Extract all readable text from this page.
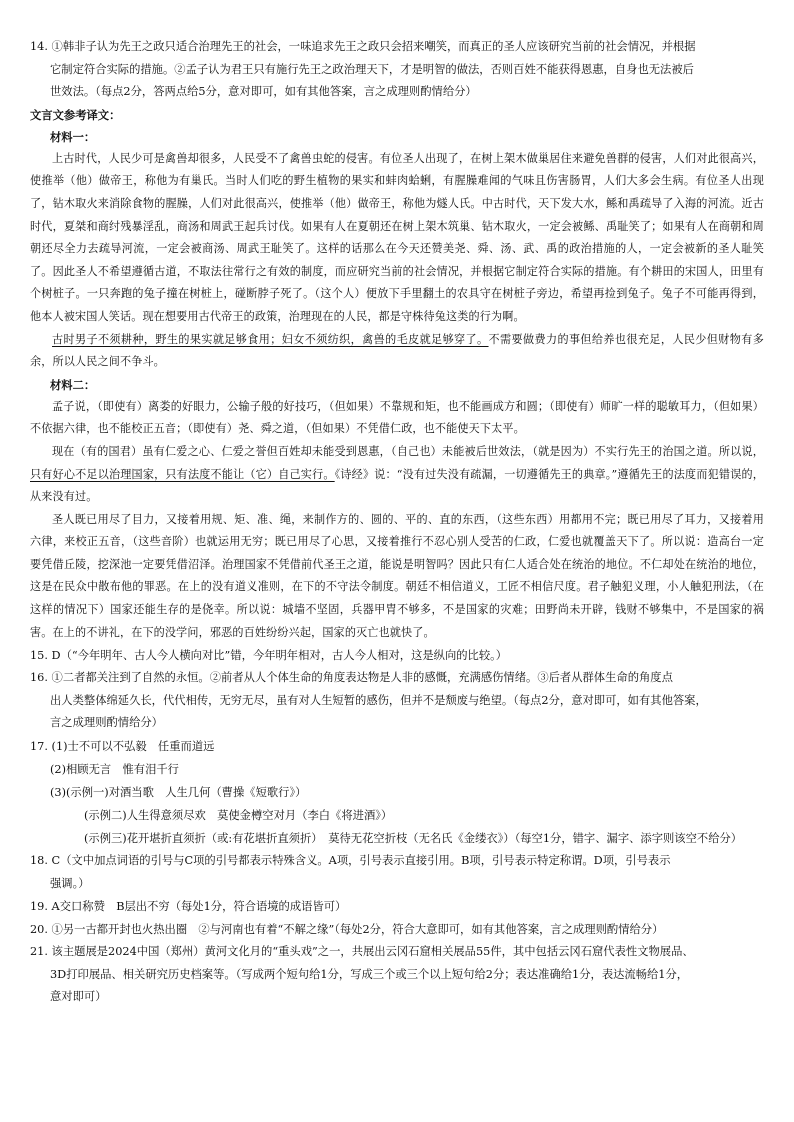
14. ①韩非子认为先王之政只适合治理先王的社会，一味追求先王之政只会招来嘲笑，而真正的圣人应该研究当前的社会情况，并根据

它制定符合实际的措施。②孟子认为君王只有施行先王之政治理天下，才是明智的做法，否则百姓不能获得恩惠，自身也无法被后

世效法。（每点2分，答两点给5分，意对即可，如有其他答案，言之成理则酌情给分）

文言文参考译文：

材料一：

上古时代，人民少可是禽兽却很多，人民受不了禽兽虫蛇的侵害。有位圣人出现了，在树上架木做巢居住来避免兽群的侵害，人们对此很高兴，使推举（他）做帝王，称他为有巢氏。当时人们吃的野生植物的果实和蚌肉蛤蜊，有腥臊难闻的气味且伤害肠胃，人们大多会生病。有位圣人出现了，钻木取火来消除食物的腥臊，人们对此很高兴，使推举（他）做帝王，称他为燧人氏。中古时代，天下发大水，鲧和禹疏导了入海的河流。近古时代，夏桀和商纣残暴淫乱，商汤和周武王起兵讨伐。如果有人在夏朝还在树上架木筑巢、钻木取火，一定会被鲧、禹耻笑了；如果有人在商朝和周朝还尽全力去疏导河流，一定会被商汤、周武王耻笑了。这样的话那么在今天还赞美尧、舜、汤、武、禹的政治措施的人，一定会被新的圣人耻笑了。因此圣人不希望遵循古道，不取法往常行之有效的制度，而应研究当前的社会情况，并根据它制定符合实际的措施。有个耕田的宋国人，田里有个树桩子。一只奔跑的兔子撞在树桩上，碰断脖子死了。（这个人）便放下手里翻土的农具守在树桩子旁边，希望再捡到兔子。兔子不可能再得到，他本人被宋国人笑话。现在想要用古代帝王的政策，治理现在的人民，都是守株待兔这类的行为啊。

古时男子不须耕种，野生的果实就足够食用；妇女不须纺织，禽兽的毛皮就足够穿了。不需要做费力的事但给养也很充足，人民少但财物有多余，所以人民之间不争斗。

材料二：

孟子说，（即使有）离娄的好眼力，公输子般的好技巧，（但如果）不靠规和矩，也不能画成方和圆；（即使有）师旷一样的聪敏耳力，（但如果）不依据六律，也不能校正五音；（即使有）尧、舜之道，（但如果）不凭借仁政，也不能使天下太平。

现在（有的国君）虽有仁爱之心、仁爱之誉但百姓却未能受到恩惠，（自己也）未能被后世效法，（就是因为）不实行先王的治国之道。所以说，只有好心不足以治理国家，只有法度不能让（它）自己实行。《诗经》说：“没有过失没有疏漏，一切遵循先王的典章。”遵循先王的法度而犯错误的，从来没有过。

圣人既已用尽了目力，又接着用规、矩、准、绳，来制作方的、圆的、平的、直的东西，（这些东西）用都用不完；既已用尽了耳力，又接着用六律，来校正五音，（这些音阶）也就运用无穷；既已用尽了心思，又接着推行不忍心别人受苦的仁政，仁爱也就覆盖天下了。所以说：造高台一定要凭借丘陵，挖深池一定要凭借沼泽。治理国家不凭借前代圣王之道，能说是明智吗？因此只有仁人适合处在统治的地位。不仁却处在统治的地位，这是在民众中散布他的罪恶。在上的没有道义准则，在下的不守法令制度。朝廷不相信道义，工匠不相信尺度。君子触犯义理，小人触犯刑法，（在这样的情况下）国家还能生存的是侥幸。所以说：城墙不坚固，兵器甲胄不够多，不是国家的灾难；田野尚未开辟，钱财不够集中，不是国家的祸害。在上的不讲礼，在下的没学问，邪恶的百姓纷纷兴起，国家的灭亡也就快了。

15. D（“今年明年、古人今人横向对比”错，今年明年相对，古人今人相对，这是纵向的比较。）

16. ①二者都关注到了自然的永恒。②前者从人个体生命的角度表达物是人非的感慨，充满感伤情绪。③后者从群体生命的角度点

出人类整体绵延久长，代代相传，无穷无尽，虽有对人生短暂的感伤，但并不是颓废与绝望。（每点2分，意对即可，如有其他答案，

言之成理则酌情给分）

17. (1)士不可以不弘毅　任重而道远

(2)相顾无言　惟有泪千行

(3)(示例一)对酒当歌　人生几何（曹操《短歌行》）

(示例二)人生得意须尽欢　莫使金樽空对月（李白《将进酒》）

(示例三)花开堪折直须折（或:有花堪折直须折）　莫待无花空折枝（无名氏《金缕衣》）（每空1分，错字、漏字、添字则该空不给分）

18. C（文中加点词语的引号与C项的引号都表示特殊含义。A项，引号表示直接引用。B项，引号表示特定称谓。D项，引号表示

强调。）

19. A交口称赞　B层出不穷（每处1分，符合语境的成语皆可）

20. ①另一古都开封也火热出圈　②与河南也有着“不解之缘”（每处2分，符合大意即可，如有其他答案，言之成理则酌情给分）

21. 该主题展是2024中国（郑州）黄河文化月的“重头戏”之一，共展出云冈石窟相关展品55件，其中包括云冈石窟代表性文物展品、

3D打印展品、相关研究历史档案等。（写成两个短句给1分，写成三个或三个以上短句给2分；表达准确给1分，表达流畅给1分，

意对即可）
